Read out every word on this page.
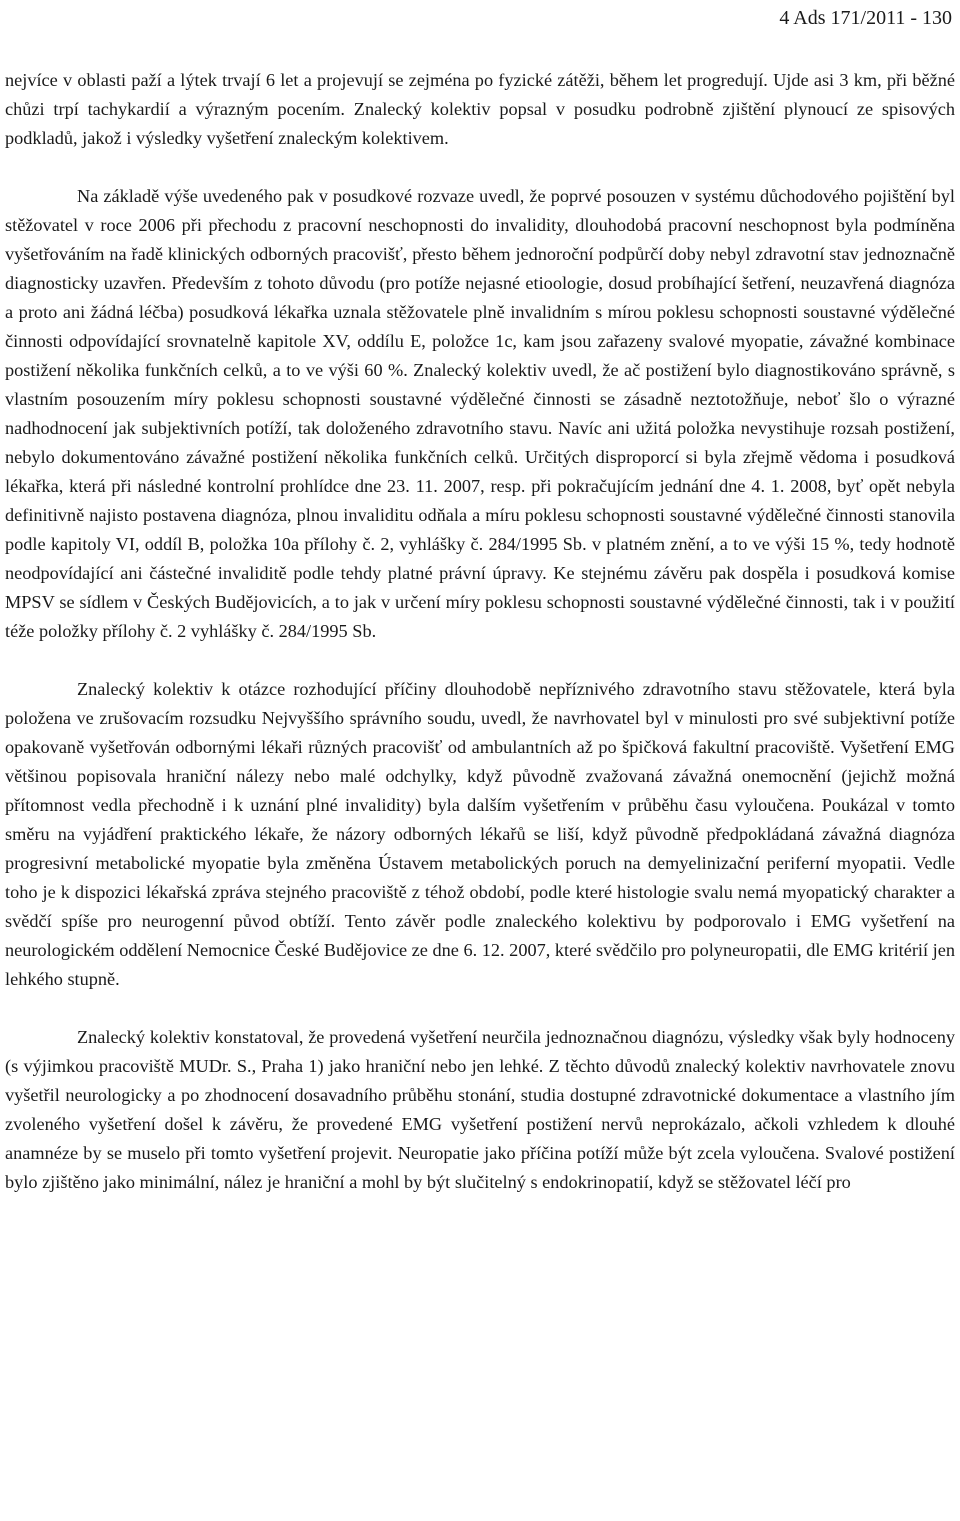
4 Ads 171/2011 - 130

nejvíce v oblasti paží a lýtek trvají 6 let a projevují se zejména po fyzické zátěži, během let progredují. Ujde asi 3 km, při běžné chůzi trpí tachykardií a výrazným pocením. Znalecký kolektiv popsal v posudku podrobně zjištění plynoucí ze spisových podkladů, jakož i výsledky vyšetření znaleckým kolektivem.

Na základě výše uvedeného pak v posudkové rozvaze uvedl, že poprvé posouzen v systému důchodového pojištění byl stěžovatel v roce 2006 při přechodu z pracovní neschopnosti do invalidity, dlouhodobá pracovní neschopnost byla podmíněna vyšetřováním na řadě klinických odborných pracovišť, přesto během jednoroční podpůrčí doby nebyl zdravotní stav jednoznačně diagnosticky uzavřen. Především z tohoto důvodu (pro potíže nejasné etioologie, dosud probíhající šetření, neuzavřená diagnóza a proto ani žádná léčba) posudková lékařka uznala stěžovatele plně invalidním s mírou poklesu schopnosti soustavné výdělečné činnosti odpovídající srovnatelně kapitole XV, oddílu E, položce 1c, kam jsou zařazeny svalové myopatie, závažné kombinace postižení několika funkčních celků, a to ve výši 60 %. Znalecký kolektiv uvedl, že ač postižení bylo diagnostikováno správně, s vlastním posouzením míry poklesu schopnosti soustavné výdělečné činnosti se zásadně neztotožňuje, neboť šlo o výrazné nadhodnocení jak subjektivních potíží, tak doloženého zdravotního stavu. Navíc ani užitá položka nevystihuje rozsah postižení, nebylo dokumentováno závažné postižení několika funkčních celků. Určitých disproporcí si byla zřejmě vědoma i posudková lékařka, která při následné kontrolní prohlídce dne 23. 11. 2007, resp. při pokračujícím jednání dne 4. 1. 2008, byť opět nebyla definitivně najisto postavena diagnóza, plnou invaliditu odňala a míru poklesu schopnosti soustavné výdělečné činnosti stanovila podle kapitoly VI, oddíl B, položka 10a přílohy č. 2, vyhlášky č. 284/1995 Sb. v platném znění, a to ve výši 15 %, tedy hodnotě neodpovídající ani částečné invaliditě podle tehdy platné právní úpravy. Ke stejnému závěru pak dospěla i posudková komise MPSV se sídlem v Českých Budějovicích, a to jak v určení míry poklesu schopnosti soustavné výdělečné činnosti, tak i v použití téže položky přílohy č. 2 vyhlášky č. 284/1995 Sb.

Znalecký kolektiv k otázce rozhodující příčiny dlouhodobě nepříznivého zdravotního stavu stěžovatele, která byla položena ve zrušovacím rozsudku Nejvyššího správního soudu, uvedl, že navrhovatel byl v minulosti pro své subjektivní potíže opakovaně vyšetřován odbornými lékaři různých pracovišť od ambulantních až po špičková fakultní pracoviště. Vyšetření EMG většinou popisovala hraniční nálezy nebo malé odchylky, když původně zvažovaná závažná onemocnění (jejichž možná přítomnost vedla přechodně i k uznání plné invalidity) byla dalším vyšetřením v průběhu času vyloučena. Poukázal v tomto směru na vyjádření praktického lékaře, že názory odborných lékařů se liší, když původně předpokládaná závažná diagnóza progresivní metabolické myopatie byla změněna Ústavem metabolických poruch na demyelinizační periferní myopatii. Vedle toho je k dispozici lékařská zpráva stejného pracoviště z téhož období, podle které histologie svalu nemá myopatický charakter a svědčí spíše pro neurogenní původ obtíží. Tento závěr podle znaleckého kolektivu by podporovalo i EMG vyšetření na neurologickém oddělení Nemocnice České Budějovice ze dne 6. 12. 2007, které svědčilo pro polyneuropatii, dle EMG kritérií jen lehkého stupně.

Znalecký kolektiv konstatoval, že provedená vyšetření neurčila jednoznačnou diagnózu, výsledky však byly hodnoceny (s výjimkou pracoviště MUDr. S., Praha 1) jako hraniční nebo jen lehké. Z těchto důvodů znalecký kolektiv navrhovatele znovu vyšetřil neurologicky a po zhodnocení dosavadního průběhu stonání, studia dostupné zdravotnické dokumentace a vlastního jím zvoleného vyšetření došel k závěru, že provedené EMG vyšetření postižení nervů neprokázalo, ačkoli vzhledem k dlouhé anamnéze by se muselo při tomto vyšetření projevit. Neuropatie jako příčina potíží může být zcela vyloučena. Svalové postižení bylo zjištěno jako minimální, nález je hraniční a mohl by být slučitelný s endokrinopatií, když se stěžovatel léčí pro
